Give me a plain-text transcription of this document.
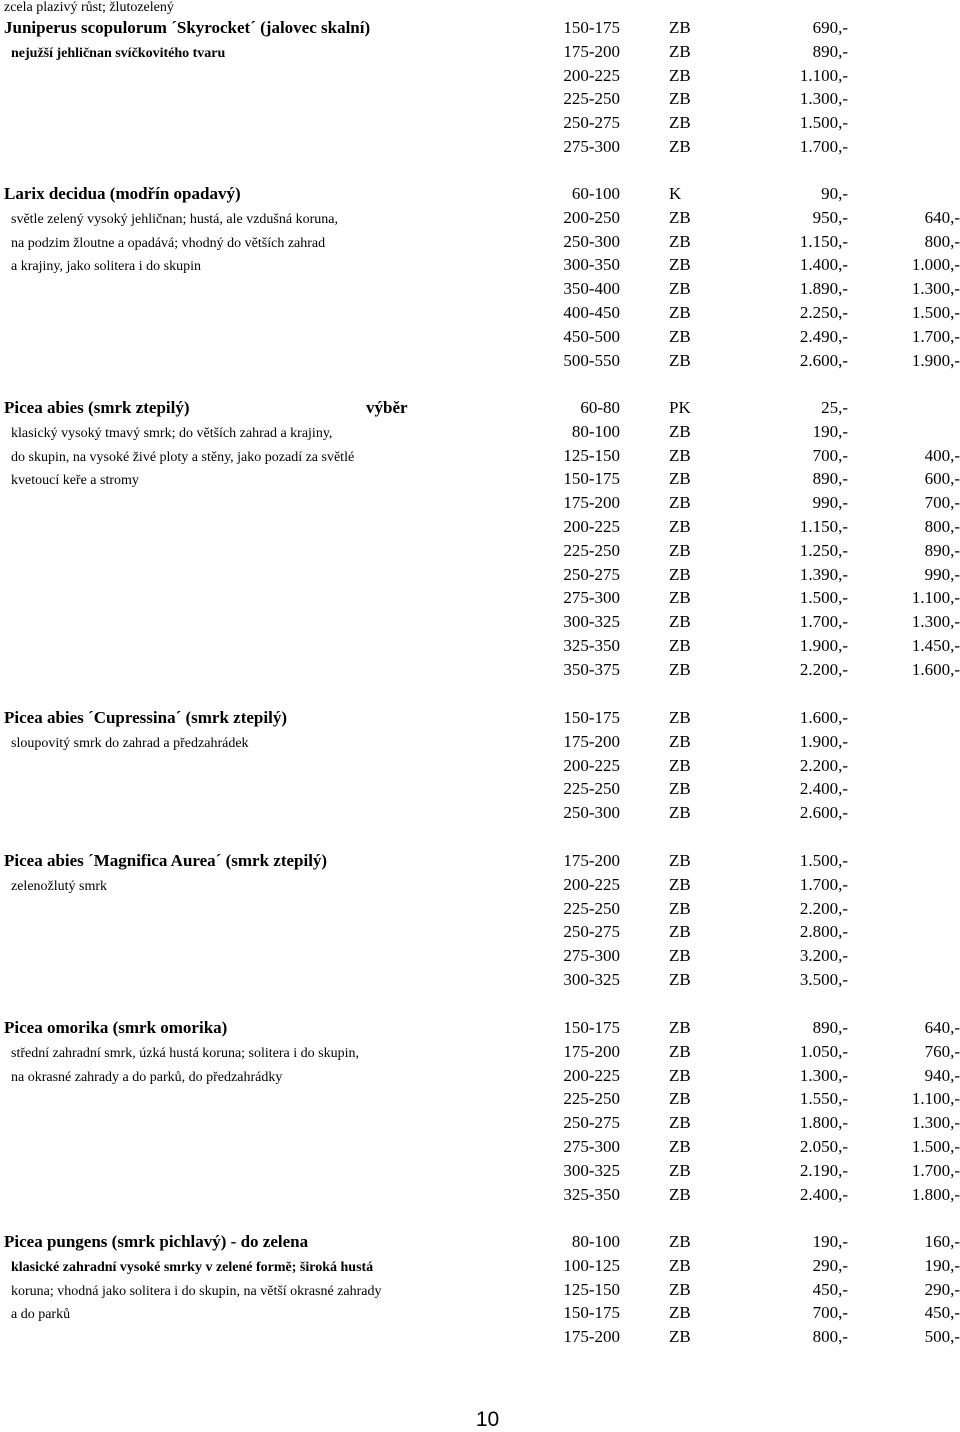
zcela plazivý růst; žlutozelený
Juniperus scopulorum ´Skyrocket´ (jalovec skalní)	150-175	ZB	690,-
nejužší jehličnan svíčkovitého tvaru	175-200	ZB	890,-
200-225	ZB	1.100,-
225-250	ZB	1.300,-
250-275	ZB	1.500,-
275-300	ZB	1.700,-
Larix decidua (modřín opadavý)	60-100	K	90,-
světle zelený vysoký jehličnan; hustá, ale vzdušná koruna,	200-250	ZB	950,-	640,-
na podzim žloutne a opadává; vhodný do větších zahrad	250-300	ZB	1.150,-	800,-
a krajiny, jako solitera i do skupin	300-350	ZB	1.400,-	1.000,-
350-400	ZB	1.890,-	1.300,-
400-450	ZB	2.250,-	1.500,-
450-500	ZB	2.490,-	1.700,-
500-550	ZB	2.600,-	1.900,-
Picea abies (smrk ztepilý)	výběr	60-80	PK	25,-
klasický vysoký tmavý smrk; do větších zahrad a krajiny,	80-100	ZB	190,-
do skupin, na vysoké živé ploty a stěny, jako pozadí za světlé	125-150	ZB	700,-	400,-
kvetoucí keře a stromy	150-175	ZB	890,-	600,-
175-200	ZB	990,-	700,-
200-225	ZB	1.150,-	800,-
225-250	ZB	1.250,-	890,-
250-275	ZB	1.390,-	990,-
275-300	ZB	1.500,-	1.100,-
300-325	ZB	1.700,-	1.300,-
325-350	ZB	1.900,-	1.450,-
350-375	ZB	2.200,-	1.600,-
Picea abies ´Cupressina´ (smrk ztepilý)	150-175	ZB	1.600,-
sloupovitý smrk do zahrad a předzahrádek	175-200	ZB	1.900,-
200-225	ZB	2.200,-
225-250	ZB	2.400,-
250-300	ZB	2.600,-
Picea abies ´Magnifica Aurea´ (smrk ztepilý)	175-200	ZB	1.500,-
zelenožlutý smrk	200-225	ZB	1.700,-
225-250	ZB	2.200,-
250-275	ZB	2.800,-
275-300	ZB	3.200,-
300-325	ZB	3.500,-
Picea omorika (smrk omorika)	150-175	ZB	890,-	640,-
střední zahradní smrk, úzká hustá koruna; solitera i do skupin,	175-200	ZB	1.050,-	760,-
na okrasné zahrady a do parků, do předzahrádky	200-225	ZB	1.300,-	940,-
225-250	ZB	1.550,-	1.100,-
250-275	ZB	1.800,-	1.300,-
275-300	ZB	2.050,-	1.500,-
300-325	ZB	2.190,-	1.700,-
325-350	ZB	2.400,-	1.800,-
Picea pungens (smrk pichlavý) - do zelena	80-100	ZB	190,-	160,-
klasické zahradní vysoké smrky v zelené formě; široká hustá	100-125	ZB	290,-	190,-
koruna; vhodná jako solitera i do skupin, na větší okrasné zahrady	125-150	ZB	450,-	290,-
a do parků	150-175	ZB	700,-	450,-
175-200	ZB	800,-	500,-
10
